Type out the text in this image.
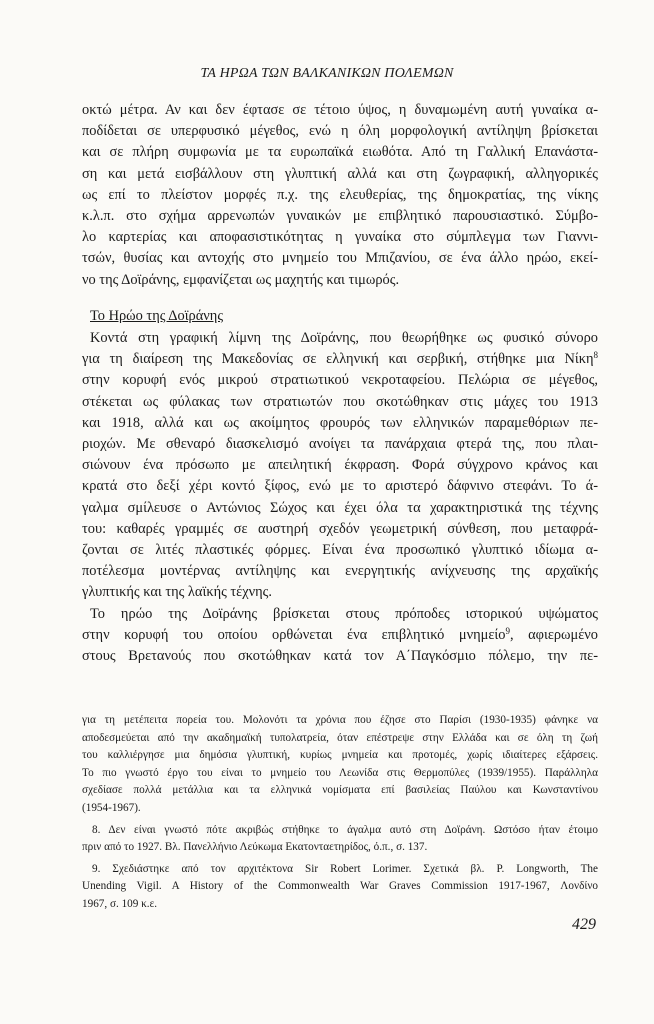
ΤΑ ΗΡΩΑ ΤΩΝ ΒΑΛΚΑΝΙΚΩΝ ΠΟΛΕΜΩΝ
οκτώ μέτρα. Αν και δεν έφτασε σε τέτοιο ύψος, η δυναμωμένη αυτή γυναίκα α-
ποδίδεται σε υπερφυσικό μέγεθος, ενώ η όλη μορφολογική αντίληψη βρίσκεται
και σε πλήρη συμφωνία με τα ευρωπαϊκά ειωθότα. Από τη Γαλλική Επανάστα-
ση και μετά εισβάλλουν στη γλυπτική αλλά και στη ζωγραφική, αλληγορικές
ως επί το πλείστον μορφές π.χ. της ελευθερίας, της δημοκρατίας, της νίκης
κ.λ.π. στο σχήμα αρρενωπών γυναικών με επιβλητικό παρουσιαστικό. Σύμβο-
λο καρτερίας και αποφασιστικότητας η γυναίκα στο σύμπλεγμα των Γιαννι-
τσών, θυσίας και αντοχής στο μνημείο του Μπιζανίου, σε ένα άλλο ηρώο, εκεί-
νο της Δοϊράνης, εμφανίζεται ως μαχητής και τιμωρός.
Το Ηρώο της Δοϊράνης
Κοντά στη γραφική λίμνη της Δοϊράνης, που θεωρήθηκε ως φυσικό σύνορο
για τη διαίρεση της Μακεδονίας σε ελληνική και σερβική, στήθηκε μια Νίκη$^8$
στην κορυφή ενός μικρού στρατιωτικού νεκροταφείου. Πελώρια σε μέγεθος,
στέκεται ως φύλακας των στρατιωτών που σκοτώθηκαν στις μάχες του 1913
και 1918, αλλά και ως ακοίμητος φρουρός των ελληνικών παραμεθόριων πε-
ριοχών. Με σθεναρό διασκελισμό ανοίγει τα πανάρχαια φτερά της, που πλαι-
σιώνουν ένα πρόσωπο με απειλητική έκφραση. Φορά σύγχρονο κράνος και
κρατά στο δεξί χέρι κοντό ξίφος, ενώ με το αριστερό δάφνινο στεφάνι. Το ά-
γαλμα σμίλευσε ο Αντώνιος Σώχος και έχει όλα τα χαρακτηριστικά της τέχνης
του: καθαρές γραμμές σε αυστηρή σχεδόν γεωμετρική σύνθεση, που μεταφρά-
ζονται σε λιτές πλαστικές φόρμες. Είναι ένα προσωπικό γλυπτικό ιδίωμα α-
ποτέλεσμα μοντέρνας αντίληψης και ενεργητικής ανίχνευσης της αρχαϊκής
γλυπτικής και της λαϊκής τέχνης.
Το ηρώο της Δοϊράνης βρίσκεται στους πρόποδες ιστορικού υψώματος
στην κορυφή του οποίου ορθώνεται ένα επιβλητικό μνημείο$^9$, αφιερωμένο
στους Βρετανούς που σκοτώθηκαν κατά τον Α΄Παγκόσμιο πόλεμο, την πε-
για τη μετέπειτα πορεία του. Μολονότι τα χρόνια που έζησε στο Παρίσι (1930-1935) φάνηκε να
αποδεσμεύεται από την ακαδημαϊκή τυπολατρεία, όταν επέστρεψε στην Ελλάδα και σε όλη τη ζωή
του καλλιέργησε μια δημόσια γλυπτική, κυρίως μνημεία και προτομές, χωρίς ιδιαίτερες εξάρσεις.
Το πιο γνωστό έργο του είναι το μνημείο του Λεωνίδα στις Θερμοπύλες (1939/1955). Παράλληλα
σχεδίασε πολλά μετάλλια και τα ελληνικά νομίσματα επί βασιλείας Παύλου και Κωνσταντίνου
(1954-1967).
8. Δεν είναι γνωστό πότε ακριβώς στήθηκε το άγαλμα αυτό στη Δοϊράνη. Ωστόσο ήταν έτοιμο
πριν από το 1927. Βλ. Πανελλήνιο Λεύκωμα Εκατονταετηρίδος, ό.π., σ. 137.
9. Σχεδιάστηκε από τον αρχιτέκτονα Sir Robert Lorimer. Σχετικά βλ. P. Longworth, The
Unending Vigil. A History of the Commonwealth War Graves Commission 1917-1967, Λονδίνο
1967, σ. 109 κ.ε.
429
